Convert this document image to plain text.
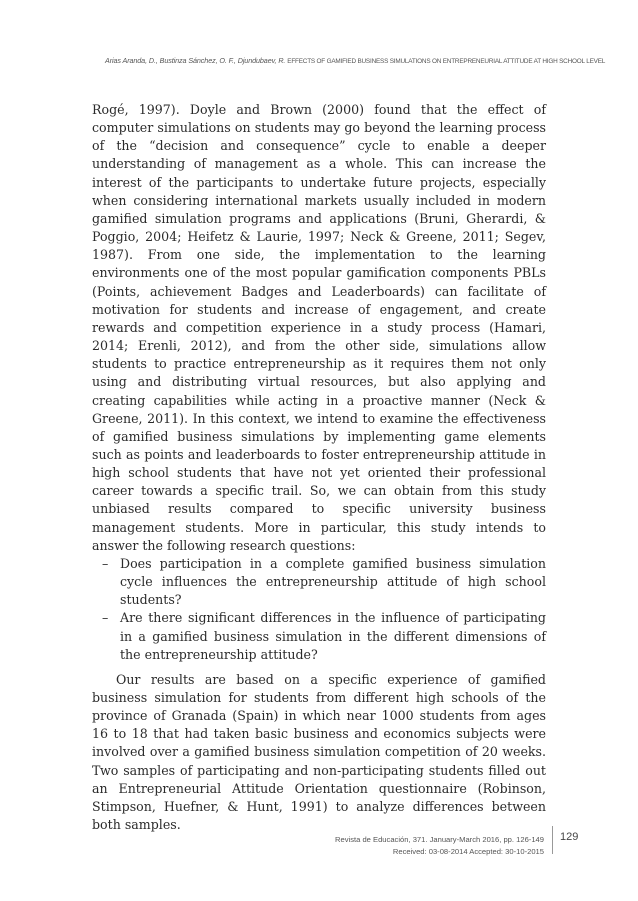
Arias Aranda, D., Bustinza Sánchez, O. F., Djundubaev, R. EFFECTS OF GAMIFIED BUSINESS SIMULATIONS ON ENTREPRENEURIAL ATTITUDE AT HIGH SCHOOL LEVEL

Rogé, 1997). Doyle and Brown (2000) found that the effect of computer simulations on students may go beyond the learning process of the “decision and consequence” cycle to enable a deeper understanding of management as a whole. This can increase the interest of the participants to undertake future projects, especially when considering international markets usually included in modern gamified simulation programs and applications (Bruni, Gherardi, & Poggio, 2004; Heifetz & Laurie, 1997; Neck & Greene, 2011; Segev, 1987). From one side, the implementation to the learning environments one of the most popular gamification components PBLs (Points, achievement Badges and Leaderboards) can facilitate of motivation for students and increase of engagement, and create rewards and competition experience in a study process (Hamari, 2014; Erenli, 2012), and from the other side, simulations allow students to practice entrepreneurship as it requires them not only using and distributing virtual resources, but also applying and creating capabilities while acting in a proactive manner (Neck & Greene, 2011). In this context, we intend to examine the effectiveness of gamified business simulations by implementing game elements such as points and leaderboards to foster entrepreneurship attitude in high school students that have not yet oriented their professional career towards a specific trail. So, we can obtain from this study unbiased results compared to specific university business management students. More in particular, this study intends to answer the following research questions:

– Does participation in a complete gamified business simulation cycle influences the entrepreneurship attitude of high school students?
– Are there significant differences in the influence of participating in a gamified business simulation in the different dimensions of the entrepreneurship attitude?

Our results are based on a specific experience of gamified business simulation for students from different high schools of the province of Granada (Spain) in which near 1000 students from ages 16 to 18 that had taken basic business and economics subjects were involved over a gamified business simulation competition of 20 weeks. Two samples of participating and non-participating students filled out an Entrepreneurial Attitude Orientation questionnaire (Robinson, Stimpson, Huefner, & Hunt, 1991) to analyze differences between both samples.

Revista de Educación, 371. January-March 2016, pp. 126-149
Received: 03-08-2014 Accepted: 30-10-2015
129
